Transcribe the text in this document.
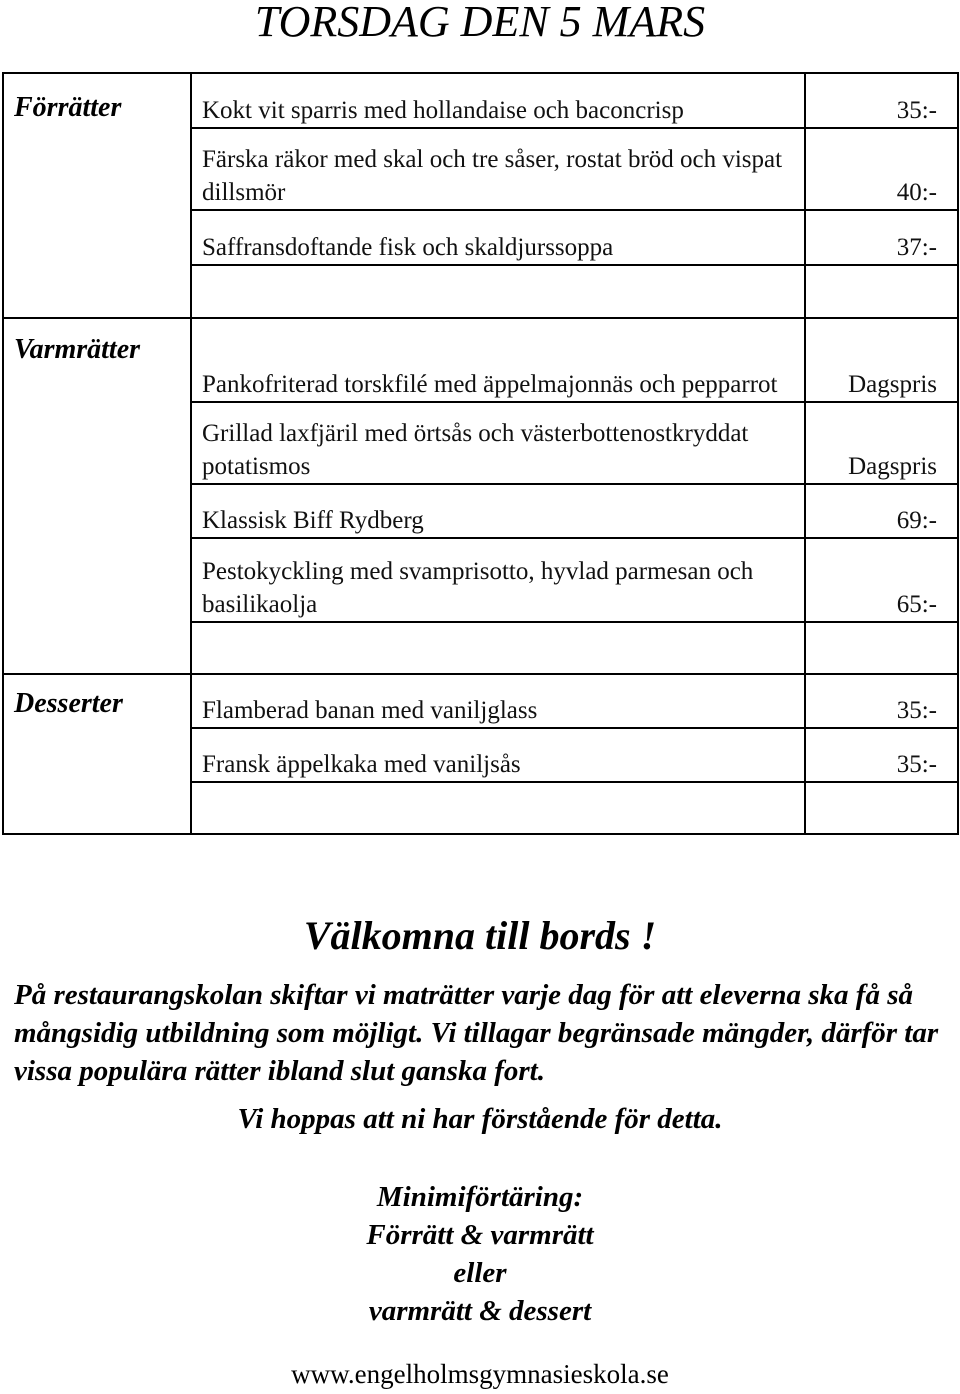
TORSDAG DEN 5 MARS
Förrätter	Kokt vit sparris med hollandaise och baconcrisp	35:-
	Färska räkor med skal och tre såser, rostat bröd och vispat dillsmör	40:-
	Saffransdoftande fisk och skaldjurssoppa	37:-

Varmrätter	Pankofriterad torskfilé med äppelmajonnäs och pepparrot	Dagspris
	Grillad laxfjäril med örtsås och västerbottenostkryddat potatismos	Dagspris
	Klassisk Biff Rydberg	69:-
	Pestokyckling med svamprisotto, hyvlad parmesan och basilikaolja	65:-

Desserter	Flamberad banan med vaniljglass	35:-
	Fransk äppelkaka med vaniljsås	35:-

Välkomna till bords !
På restaurangskolan skiftar vi maträtter varje dag för att eleverna ska få så mångsidig utbildning som möjligt. Vi tillagar begränsade mängder, därför tar vissa populära rätter ibland slut ganska fort.
Vi hoppas att ni har förstående för detta.
Minimiförtäring:
Förrätt & varmrätt
eller
varmrätt & dessert
www.engelholmsgymnasieskola.se
